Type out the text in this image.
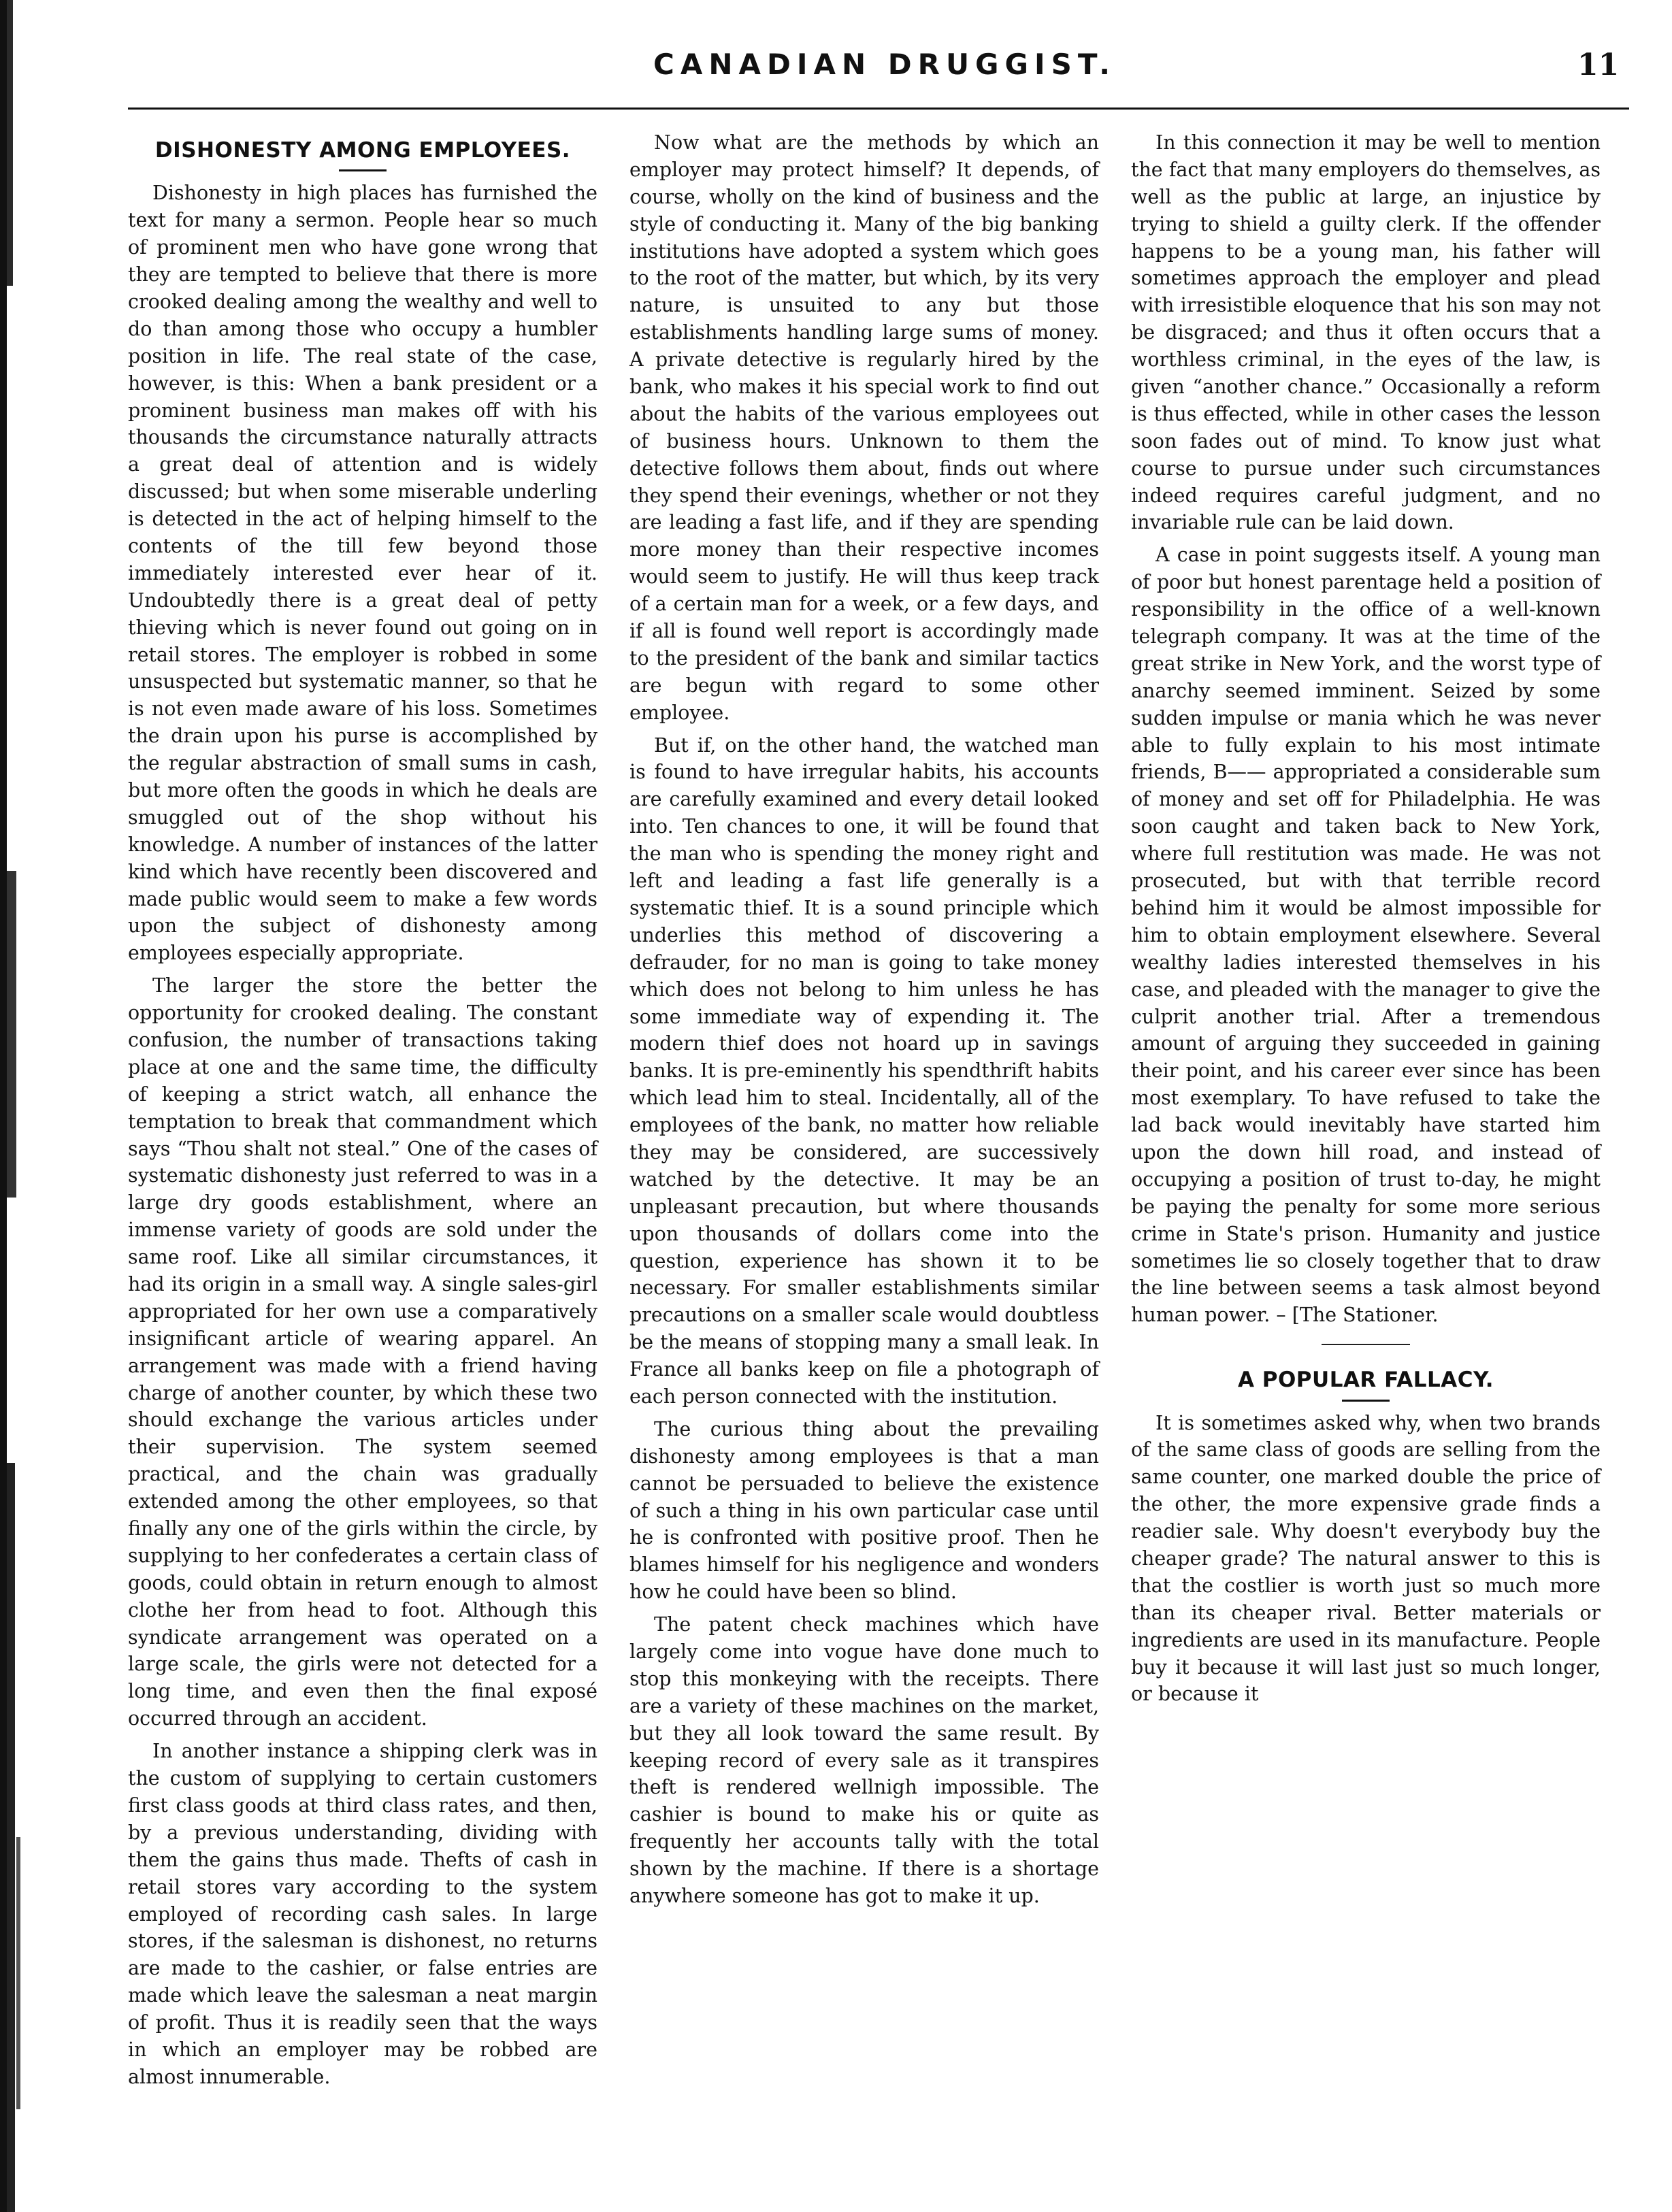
CANADIAN DRUGGIST.	11
DISHONESTY AMONG EMPLOYEES.

Dishonesty in high places has furnished the text for many a sermon. People hear so much of prominent men who have gone wrong that they are tempted to believe that there is more crooked dealing among the wealthy and well to do than among those who occupy a humbler position in life. The real state of the case, however, is this: When a bank president or a prominent business man makes off with his thousands the circumstance naturally attracts a great deal of attention and is widely discussed; but when some miserable underling is detected in the act of helping himself to the contents of the till few beyond those immediately interested ever hear of it. Undoubtedly there is a great deal of petty thieving which is never found out going on in retail stores. The employer is robbed in some unsuspected but systematic manner, so that he is not even made aware of his loss. Sometimes the drain upon his purse is accomplished by the regular abstraction of small sums in cash, but more often the goods in which he deals are smuggled out of the shop without his knowledge. A number of instances of the latter kind which have recently been discovered and made public would seem to make a few words upon the subject of dishonesty among employees especially appropriate.

The larger the store the better the opportunity for crooked dealing. The constant confusion, the number of transactions taking place at one and the same time, the difficulty of keeping a strict watch, all enhance the temptation to break that commandment which says “Thou shalt not steal.” One of the cases of systematic dishonesty just referred to was in a large dry goods establishment, where an immense variety of goods are sold under the same roof. Like all similar circumstances, it had its origin in a small way. A single sales-girl appropriated for her own use a comparatively insignificant article of wearing apparel. An arrangement was made with a friend having charge of another counter, by which these two should exchange the various articles under their supervision. The system seemed practical, and the chain was gradually extended among the other employees, so that finally any one of the girls within the circle, by supplying to her confederates a certain class of goods, could obtain in return enough to almost clothe her from head to foot. Although this syndicate arrangement was operated on a large scale, the girls were not detected for a long time, and even then the final exposé occurred through an accident.

In another instance a shipping clerk was in the custom of supplying to certain customers first class goods at third class rates, and then, by a previous understanding, dividing with them the gains thus made. Thefts of cash in retail stores vary according to the system employed of recording cash sales. In large stores, if the salesman is dishonest, no returns are made to the cashier, or false entries are made which leave the salesman a neat margin of profit. Thus it is readily seen that the ways in which an employer may be robbed are almost innumerable.

Now what are the methods by which an employer may protect himself? It depends, of course, wholly on the kind of business and the style of conducting it. Many of the big banking institutions have adopted a system which goes to the root of the matter, but which, by its very nature, is unsuited to any but those establishments handling large sums of money. A private detective is regularly hired by the bank, who makes it his special work to find out about the habits of the various employees out of business hours. Unknown to them the detective follows them about, finds out where they spend their evenings, whether or not they are leading a fast life, and if they are spending more money than their respective incomes would seem to justify. He will thus keep track of a certain man for a week, or a few days, and if all is found well report is accordingly made to the president of the bank and similar tactics are begun with regard to some other employee.

But if, on the other hand, the watched man is found to have irregular habits, his accounts are carefully examined and every detail looked into. Ten chances to one, it will be found that the man who is spending the money right and left and leading a fast life generally is a systematic thief. It is a sound principle which underlies this method of discovering a defrauder, for no man is going to take money which does not belong to him unless he has some immediate way of expending it. The modern thief does not hoard up in savings banks. It is pre-eminently his spendthrift habits which lead him to steal. Incidentally, all of the employees of the bank, no matter how reliable they may be considered, are successively watched by the detective. It may be an unpleasant precaution, but where thousands upon thousands of dollars come into the question, experience has shown it to be necessary. For smaller establishments similar precautions on a smaller scale would doubtless be the means of stopping many a small leak. In France all banks keep on file a photograph of each person connected with the institution.

The curious thing about the prevailing dishonesty among employees is that a man cannot be persuaded to believe the existence of such a thing in his own particular case until he is confronted with positive proof. Then he blames himself for his negligence and wonders how he could have been so blind.

The patent check machines which have largely come into vogue have done much to stop this monkeying with the receipts. There are a variety of these machines on the market, but they all look toward the same result. By keeping record of every sale as it transpires theft is rendered wellnigh impossible. The cashier is bound to make his or quite as frequently her accounts tally with the total shown by the machine. If there is a shortage anywhere someone has got to make it up.

In this connection it may be well to mention the fact that many employers do themselves, as well as the public at large, an injustice by trying to shield a guilty clerk. If the offender happens to be a young man, his father will sometimes approach the employer and plead with irresistible eloquence that his son may not be disgraced; and thus it often occurs that a worthless criminal, in the eyes of the law, is given “another chance.” Occasionally a reform is thus effected, while in other cases the lesson soon fades out of mind. To know just what course to pursue under such circumstances indeed requires careful judgment, and no invariable rule can be laid down.

A case in point suggests itself. A young man of poor but honest parentage held a position of responsibility in the office of a well-known telegraph company. It was at the time of the great strike in New York, and the worst type of anarchy seemed imminent. Seized by some sudden impulse or mania which he was never able to fully explain to his most intimate friends, B—— appropriated a considerable sum of money and set off for Philadelphia. He was soon caught and taken back to New York, where full restitution was made. He was not prosecuted, but with that terrible record behind him it would be almost impossible for him to obtain employment elsewhere. Several wealthy ladies interested themselves in his case, and pleaded with the manager to give the culprit another trial. After a tremendous amount of arguing they succeeded in gaining their point, and his career ever since has been most exemplary. To have refused to take the lad back would inevitably have started him upon the down hill road, and instead of occupying a position of trust to-day, he might be paying the penalty for some more serious crime in State's prison. Humanity and justice sometimes lie so closely together that to draw the line between seems a task almost beyond human power. – [The Stationer.

A POPULAR FALLACY.

It is sometimes asked why, when two brands of the same class of goods are selling from the same counter, one marked double the price of the other, the more expensive grade finds a readier sale. Why doesn't everybody buy the cheaper grade? The natural answer to this is that the costlier is worth just so much more than its cheaper rival. Better materials or ingredients are used in its manufacture. People buy it because it will last just so much longer, or because it
